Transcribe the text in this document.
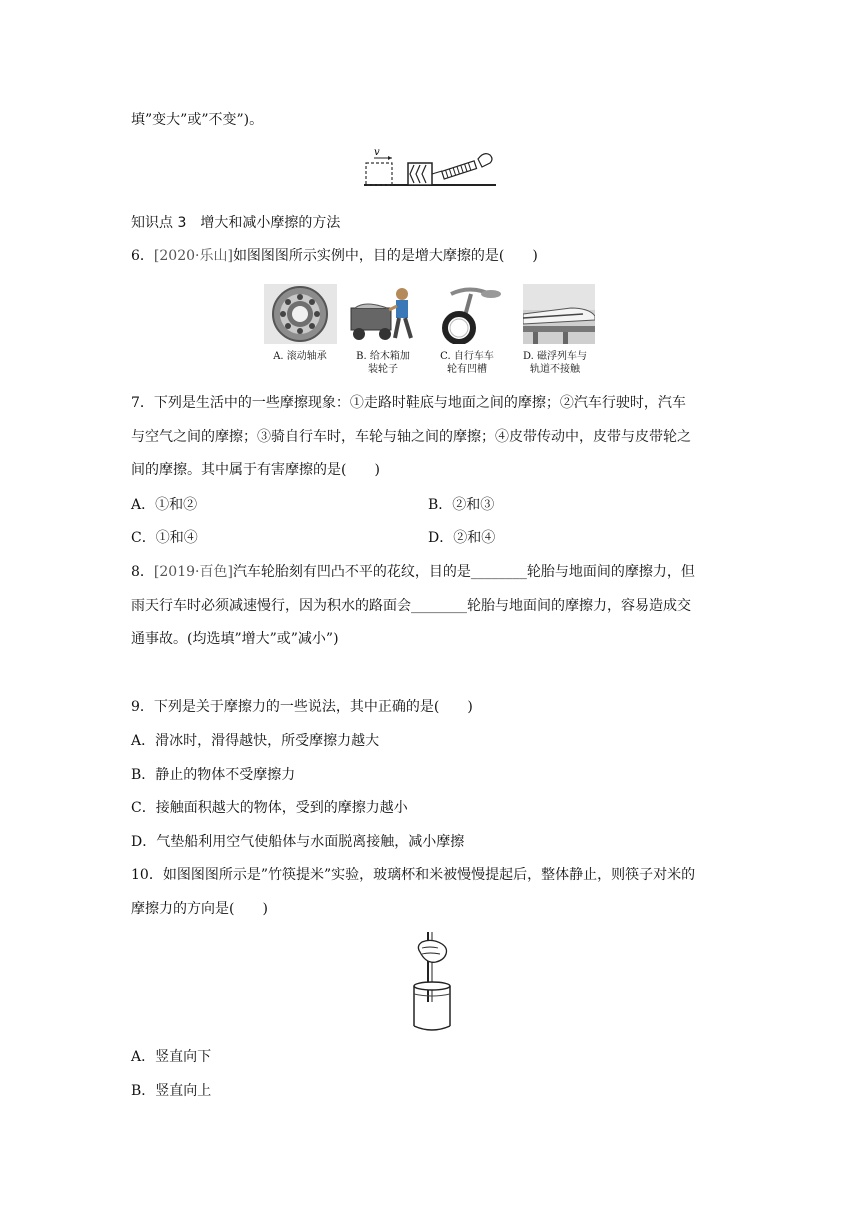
填”变大”或”不变”)。
v
知识点 3　增大和减小摩擦的方法
6．[2020·乐山]如图图图所示实例中，目的是增大摩擦的是(　　)
A. 滚动轴承	B. 给木箱加
装轮子
C. 自行车车
轮有凹槽
D. 磁浮列车与
轨道不接触
7．下列是生活中的一些摩擦现象：①走路时鞋底与地面之间的摩擦；②汽车行驶时，汽车
与空气之间的摩擦；③骑自行车时，车轮与轴之间的摩擦；④皮带传动中，皮带与皮带轮之
间的摩擦。其中属于有害摩擦的是(　　)
A．①和②	B．②和③
C．①和④	D．②和④
8．[2019·百色]汽车轮胎刻有凹凸不平的花纹，目的是________轮胎与地面间的摩擦力，但
雨天行车时必须减速慢行，因为积水的路面会________轮胎与地面间的摩擦力，容易造成交
通事故。(均选填”增大”或”减小”)
9．下列是关于摩擦力的一些说法，其中正确的是(　　)
A．滑冰时，滑得越快，所受摩擦力越大
B．静止的物体不受摩擦力
C．接触面积越大的物体，受到的摩擦力越小
D．气垫船利用空气使船体与水面脱离接触，减小摩擦
10．如图图图所示是”竹筷提米”实验，玻璃杯和米被慢慢提起后，整体静止，则筷子对米的
摩擦力的方向是(　　)
A．竖直向下
B．竖直向上
